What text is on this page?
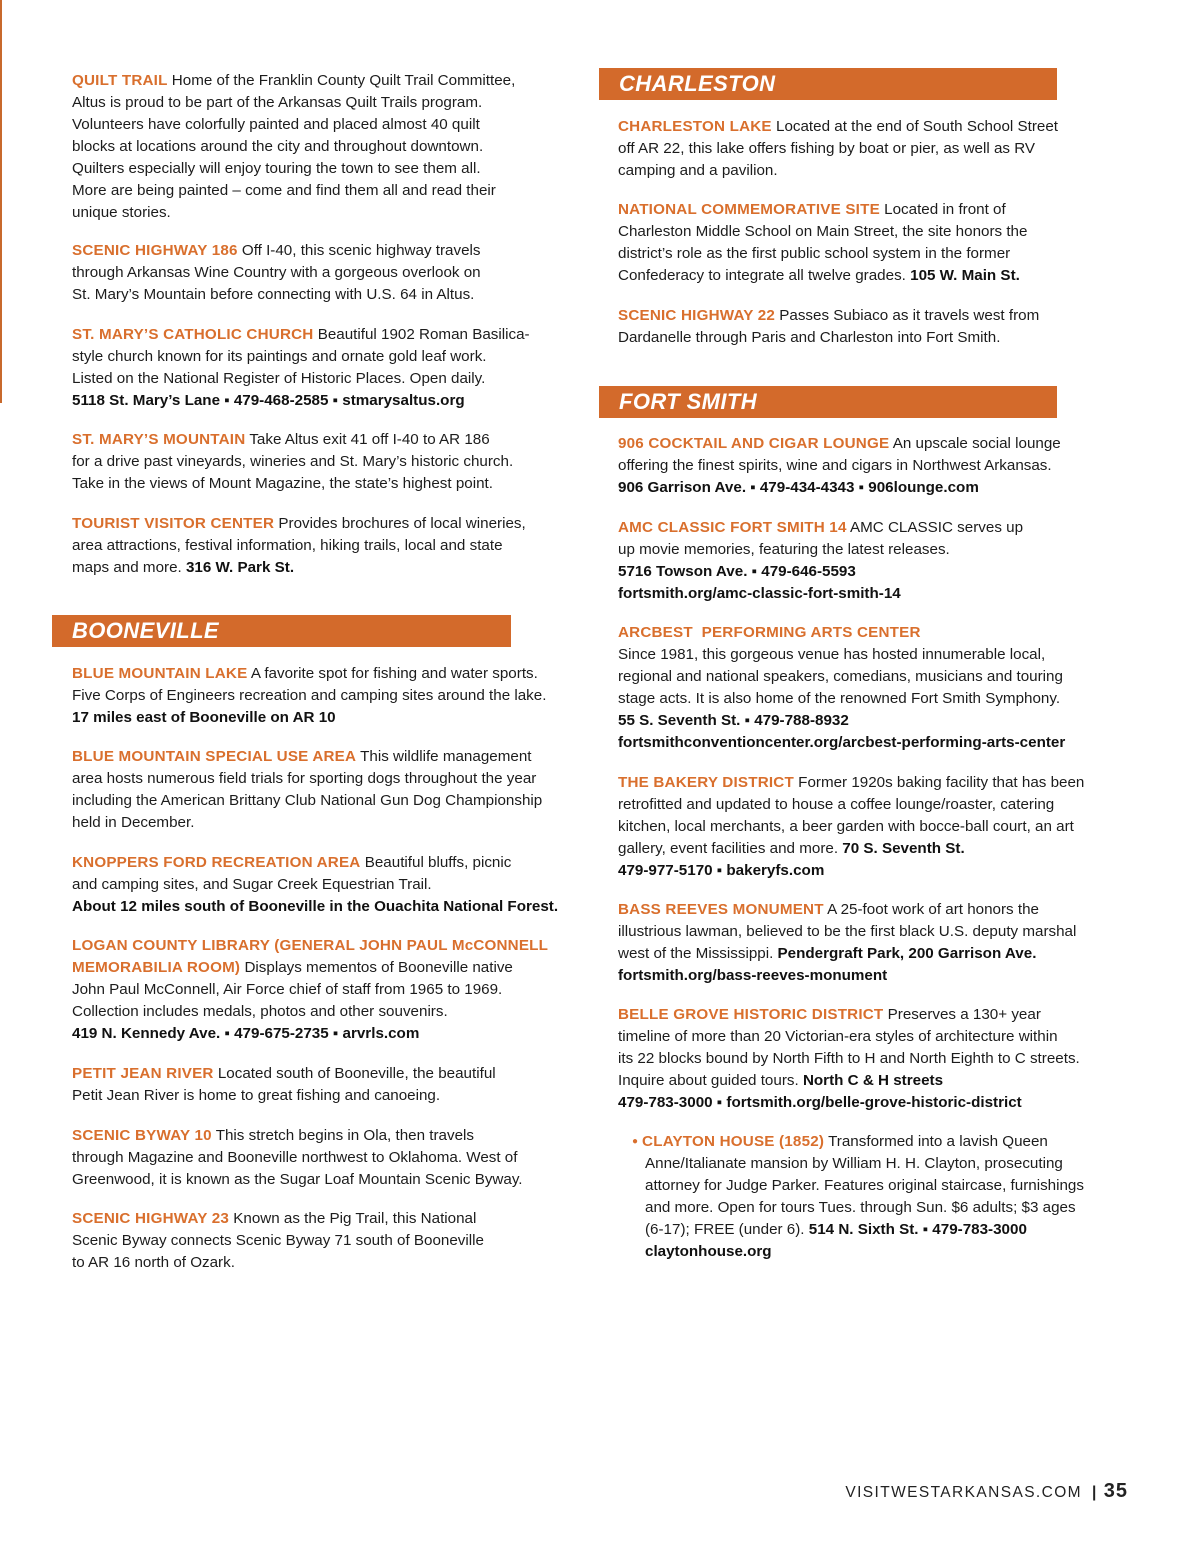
QUILT TRAIL Home of the Franklin County Quilt Trail Committee,
Altus is proud to be part of the Arkansas Quilt Trails program.
Volunteers have colorfully painted and placed almost 40 quilt
blocks at locations around the city and throughout downtown.
Quilters especially will enjoy touring the town to see them all.
More are being painted – come and find them all and read their
unique stories.
SCENIC HIGHWAY 186 Off I-40, this scenic highway travels
through Arkansas Wine Country with a gorgeous overlook on
St. Mary’s Mountain before connecting with U.S. 64 in Altus.
ST. MARY’S CATHOLIC CHURCH Beautiful 1902 Roman Basilica-
style church known for its paintings and ornate gold leaf work.
Listed on the National Register of Historic Places. Open daily.
5118 St. Mary’s Lane ▪ 479-468-2585 ▪ stmarysaltus.org
ST. MARY’S MOUNTAIN Take Altus exit 41 off I-40 to AR 186
for a drive past vineyards, wineries and St. Mary’s historic church.
Take in the views of Mount Magazine, the state’s highest point.
TOURIST VISITOR CENTER Provides brochures of local wineries,
area attractions, festival information, hiking trails, local and state
maps and more. 316 W. Park St.
BOONEVILLE
BLUE MOUNTAIN LAKE A favorite spot for fishing and water sports.
Five Corps of Engineers recreation and camping sites around the lake.
17 miles east of Booneville on AR 10
BLUE MOUNTAIN SPECIAL USE AREA This wildlife management
area hosts numerous field trials for sporting dogs throughout the year
including the American Brittany Club National Gun Dog Championship
held in December.
KNOPPERS FORD RECREATION AREA Beautiful bluffs, picnic
and camping sites, and Sugar Creek Equestrian Trail.
About 12 miles south of Booneville in the Ouachita National Forest.
LOGAN COUNTY LIBRARY (GENERAL JOHN PAUL McCONNELL
MEMORABILIA ROOM) Displays mementos of Booneville native
John Paul McConnell, Air Force chief of staff from 1965 to 1969.
Collection includes medals, photos and other souvenirs.
419 N. Kennedy Ave. ▪ 479-675-2735 ▪ arvrls.com
PETIT JEAN RIVER Located south of Booneville, the beautiful
Petit Jean River is home to great fishing and canoeing.
SCENIC BYWAY 10 This stretch begins in Ola, then travels
through Magazine and Booneville northwest to Oklahoma. West of
Greenwood, it is known as the Sugar Loaf Mountain Scenic Byway.
SCENIC HIGHWAY 23 Known as the Pig Trail, this National
Scenic Byway connects Scenic Byway 71 south of Booneville
to AR 16 north of Ozark.
CHARLESTON
CHARLESTON LAKE Located at the end of South School Street
off AR 22, this lake offers fishing by boat or pier, as well as RV
camping and a pavilion.
NATIONAL COMMEMORATIVE SITE Located in front of
Charleston Middle School on Main Street, the site honors the
district’s role as the first public school system in the former
Confederacy to integrate all twelve grades. 105 W. Main St.
SCENIC HIGHWAY 22 Passes Subiaco as it travels west from
Dardanelle through Paris and Charleston into Fort Smith.
FORT SMITH
906 COCKTAIL AND CIGAR LOUNGE An upscale social lounge
offering the finest spirits, wine and cigars in Northwest Arkansas.
906 Garrison Ave. ▪ 479-434-4343 ▪ 906lounge.com
AMC CLASSIC FORT SMITH 14 AMC CLASSIC serves up
up movie memories, featuring the latest releases.
5716 Towson Ave. ▪ 479-646-5593
fortsmith.org/amc-classic-fort-smith-14
ARCBEST  PERFORMING ARTS CENTER
Since 1981, this gorgeous venue has hosted innumerable local,
regional and national speakers, comedians, musicians and touring
stage acts. It is also home of the renowned Fort Smith Symphony.
55 S. Seventh St. ▪ 479-788-8932
fortsmithconventioncenter.org/arcbest-performing-arts-center
THE BAKERY DISTRICT Former 1920s baking facility that has been
retrofitted and updated to house a coffee lounge/roaster, catering
kitchen, local merchants, a beer garden with bocce-ball court, an art
gallery, event facilities and more. 70 S. Seventh St.
479-977-5170 ▪ bakeryfs.com
BASS REEVES MONUMENT A 25-foot work of art honors the
illustrious lawman, believed to be the first black U.S. deputy marshal
west of the Mississippi. Pendergraft Park, 200 Garrison Ave.
fortsmith.org/bass-reeves-monument
BELLE GROVE HISTORIC DISTRICT Preserves a 130+ year
timeline of more than 20 Victorian-era styles of architecture within
its 22 blocks bound by North Fifth to H and North Eighth to C streets.
Inquire about guided tours. North C & H streets
479-783-3000 ▪ fortsmith.org/belle-grove-historic-district
● CLAYTON HOUSE (1852) Transformed into a lavish Queen
Anne/Italianate mansion by William H. H. Clayton, prosecuting
attorney for Judge Parker. Features original staircase, furnishings
and more. Open for tours Tues. through Sun. $6 adults; $3 ages
(6-17); FREE (under 6). 514 N. Sixth St. ▪ 479-783-3000
claytonhouse.org
VISITWESTARKANSAS.COM | 35
